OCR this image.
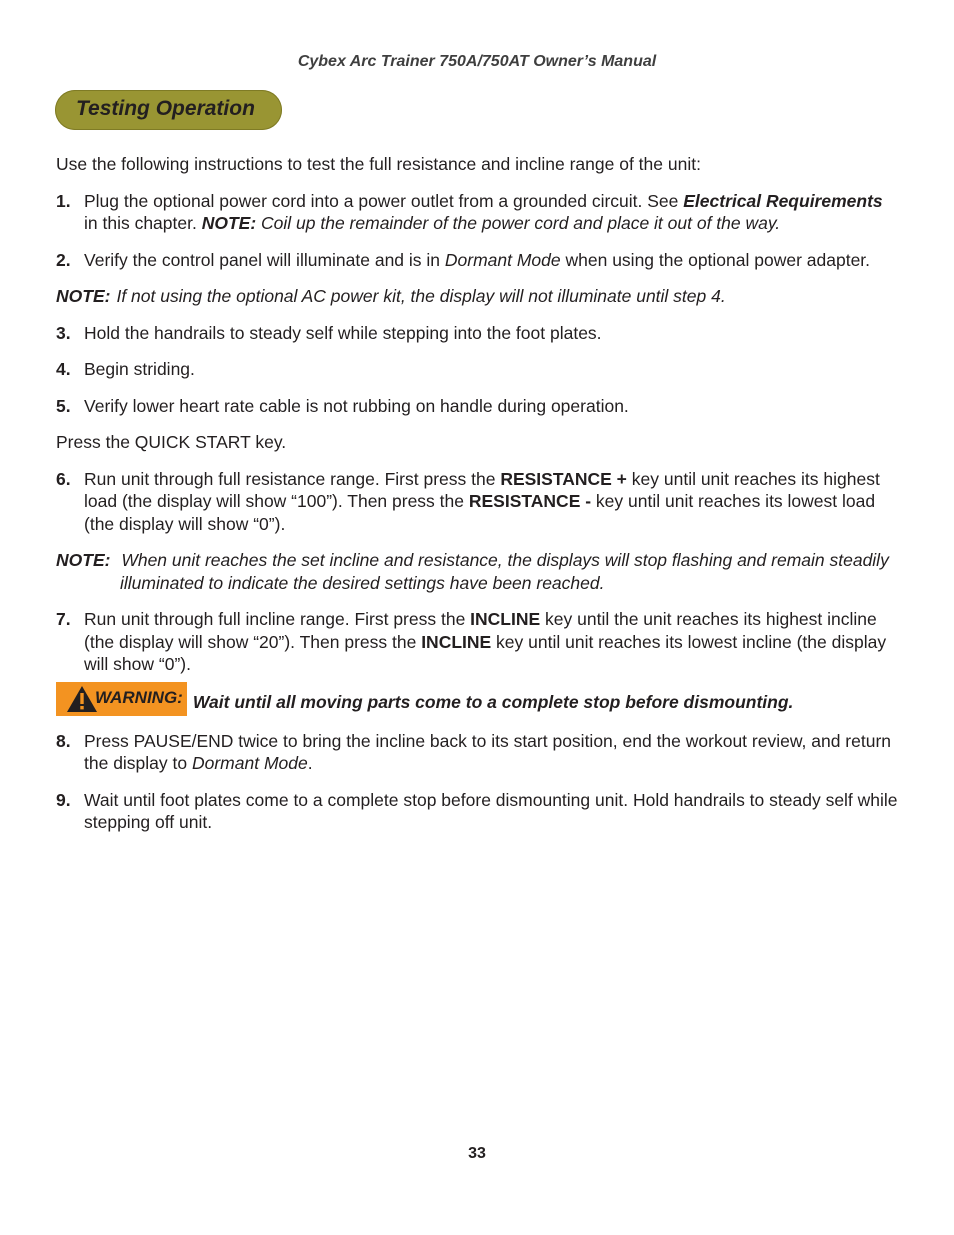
Cybex Arc Trainer 750A/750AT Owner’s Manual
Testing Operation

Use the following instructions to test the full resistance and incline range of the unit:

1. Plug the optional power cord into a power outlet from a grounded circuit. See Electrical Requirements in this chapter. NOTE: Coil up the remainder of the power cord and place it out of the way.
2. Verify the control panel will illuminate and is in Dormant Mode when using the optional power adapter.
NOTE: If not using the optional AC power kit, the display will not illuminate until step 4.
3. Hold the handrails to steady self while stepping into the foot plates.
4. Begin striding.
5. Verify lower heart rate cable is not rubbing on handle during operation.

Press the QUICK START key.

6. Run unit through full resistance range. First press the RESISTANCE + key until unit reaches its highest load (the display will show “100”). Then press the RESISTANCE - key until unit reaches its lowest load (the display will show “0”).
NOTE: When unit reaches the set incline and resistance, the displays will stop flashing and remain steadily illuminated to indicate the desired settings have been reached.
7. Run unit through full incline range. First press the INCLINE key until the unit reaches its highest incline (the display will show “20”). Then press the INCLINE key until unit reaches its lowest incline (the display will show “0”).
WARNING: Wait until all moving parts come to a complete stop before dismounting.
8. Press PAUSE/END twice to bring the incline back to its start position, end the workout review, and return the display to Dormant Mode.
9. Wait until foot plates come to a complete stop before dismounting unit. Hold handrails to steady self while stepping off unit.
33
